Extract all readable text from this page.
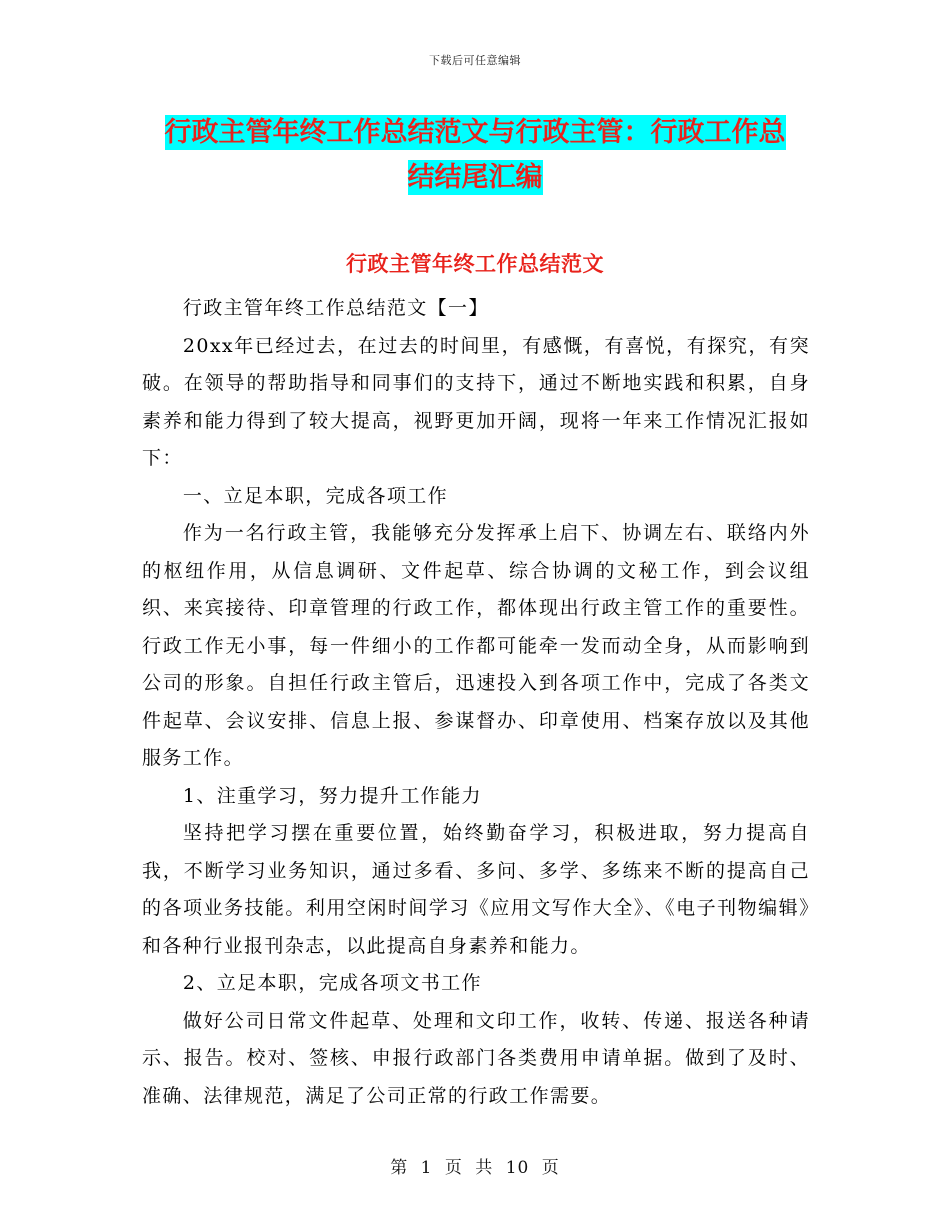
下载后可任意编辑
行政主管年终工作总结范文与行政主管：行政工作总
结结尾汇编
行政主管年终工作总结范文

行政主管年终工作总结范文【一】

20xx年已经过去，在过去的时间里，有感慨，有喜悦，有探究，有突破。在领导的帮助指导和同事们的支持下，通过不断地实践和积累，自身素养和能力得到了较大提高，视野更加开阔，现将一年来工作情况汇报如下：

一、立足本职，完成各项工作

作为一名行政主管，我能够充分发挥承上启下、协调左右、联络内外的枢纽作用，从信息调研、文件起草、综合协调的文秘工作，到会议组织、来宾接待、印章管理的行政工作，都体现出行政主管工作的重要性。行政工作无小事，每一件细小的工作都可能牵一发而动全身，从而影响到公司的形象。自担任行政主管后，迅速投入到各项工作中，完成了各类文件起草、会议安排、信息上报、参谋督办、印章使用、档案存放以及其他服务工作。

1、注重学习，努力提升工作能力

坚持把学习摆在重要位置，始终勤奋学习，积极进取，努力提高自我，不断学习业务知识，通过多看、多问、多学、多练来不断的提高自己的各项业务技能。利用空闲时间学习《应用文写作大全》、《电子刊物编辑》和各种行业报刊杂志，以此提高自身素养和能力。

2、立足本职，完成各项文书工作

做好公司日常文件起草、处理和文印工作，收转、传递、报送各种请示、报告。校对、签核、申报行政部门各类费用申请单据。做到了及时、准确、法律规范，满足了公司正常的行政工作需要。

第 1 页 共 10 页
